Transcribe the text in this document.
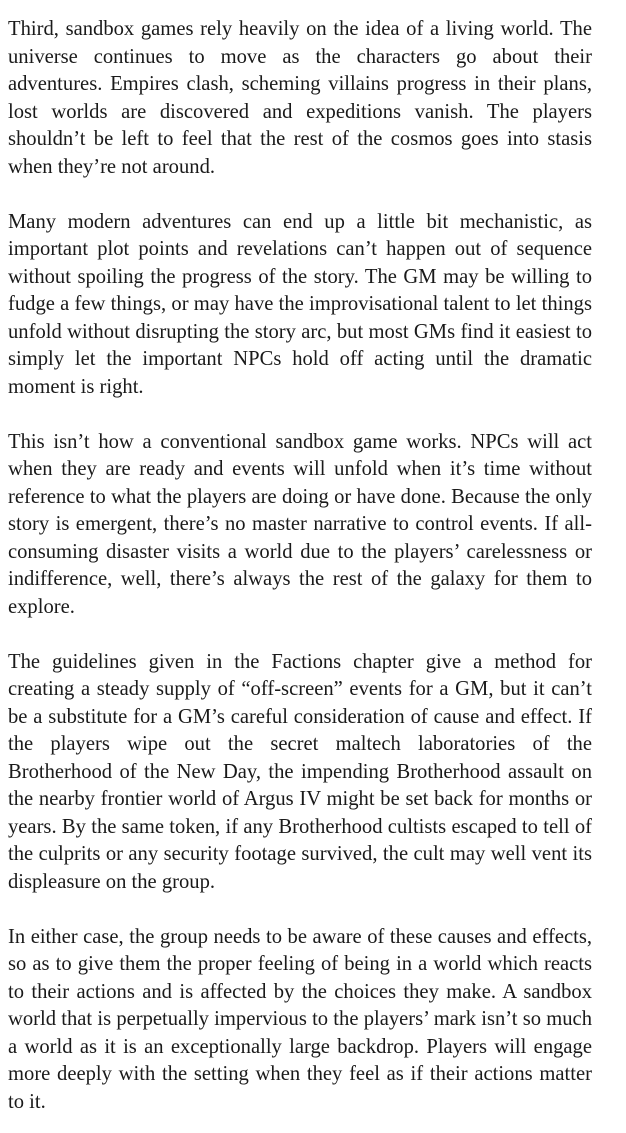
Third, sandbox games rely heavily on the idea of a living world. The universe continues to move as the characters go about their adventures. Empires clash, scheming villains progress in their plans, lost worlds are discovered and expeditions vanish. The players shouldn’t be left to feel that the rest of the cosmos goes into stasis when they’re not around.

Many modern adventures can end up a little bit mechanistic, as important plot points and revelations can’t happen out of sequence without spoiling the progress of the story. The GM may be willing to fudge a few things, or may have the improvisational talent to let things unfold without disrupting the story arc, but most GMs find it easiest to simply let the important NPCs hold off acting until the dramatic moment is right.

This isn’t how a conventional sandbox game works. NPCs will act when they are ready and events will unfold when it’s time without reference to what the players are doing or have done. Because the only story is emergent, there’s no master narrative to control events. If all-consuming disaster visits a world due to the players’ carelessness or indifference, well, there’s always the rest of the galaxy for them to explore.

The guidelines given in the Factions chapter give a method for creating a steady supply of “off-screen” events for a GM, but it can’t be a substitute for a GM’s careful consideration of cause and effect. If the players wipe out the secret maltech laboratories of the Brotherhood of the New Day, the impending Brotherhood assault on the nearby frontier world of Argus IV might be set back for months or years. By the same token, if any Brotherhood cultists escaped to tell of the culprits or any security footage survived, the cult may well vent its displeasure on the group.

In either case, the group needs to be aware of these causes and effects, so as to give them the proper feeling of being in a world which reacts to their actions and is affected by the choices they make. A sandbox world that is perpetually impervious to the players’ mark isn’t so much a world as it is an exceptionally large backdrop. Players will engage more deeply with the setting when they feel as if their actions matter to it.
